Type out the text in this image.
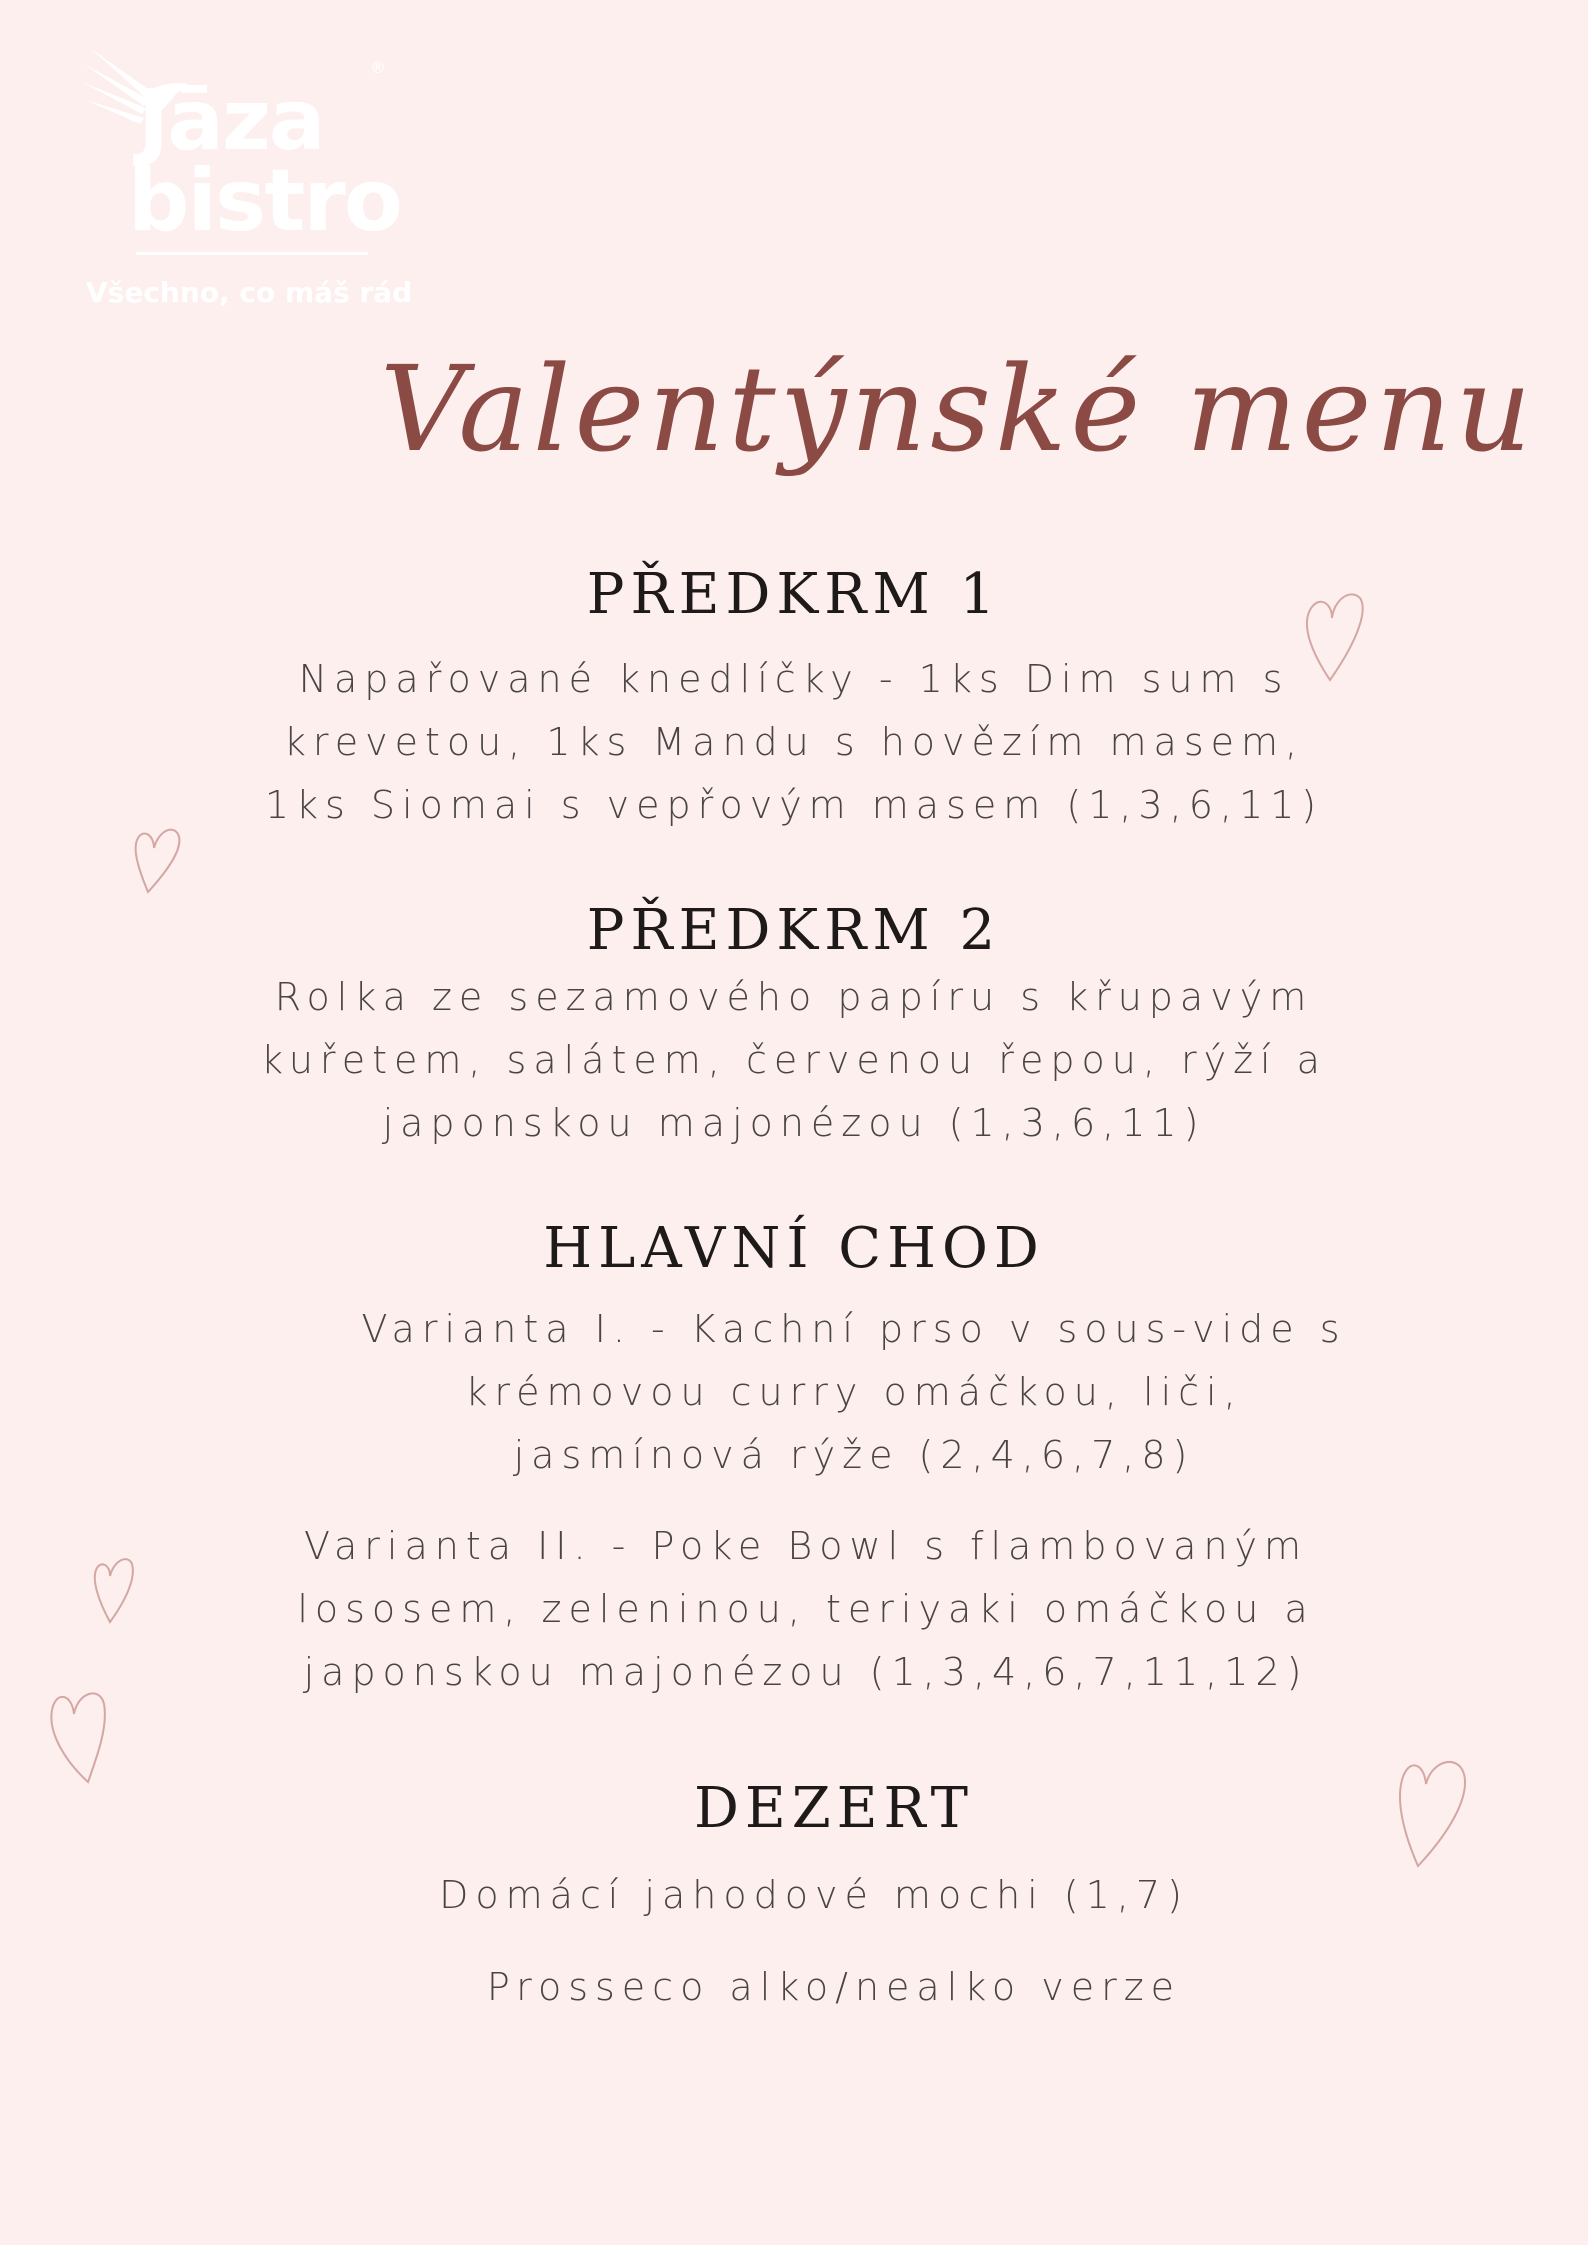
®
Jāza
bistro
Všechno, co máš rád
Valentýnské menu
PŘEDKRM 1
Napařované knedlíčky - 1ks Dim sum s
krevetou, 1ks Mandu s hovězím masem,
1ks Siomai s vepřovým masem (1,3,6,11)
PŘEDKRM 2
Rolka ze sezamového papíru s křupavým
kuřetem, salátem, červenou řepou, rýží a
japonskou majonézou (1,3,6,11)
HLAVNÍ CHOD
Varianta I. - Kachní prso v sous-vide s
krémovou curry omáčkou, liči,
jasmínová rýže (2,4,6,7,8)
Varianta II. - Poke Bowl s flambovaným
lososem, zeleninou, teriyaki omáčkou a
japonskou majonézou (1,3,4,6,7,11,12)
DEZERT
Domácí jahodové mochi (1,7)
Prosseco alko/nealko verze
